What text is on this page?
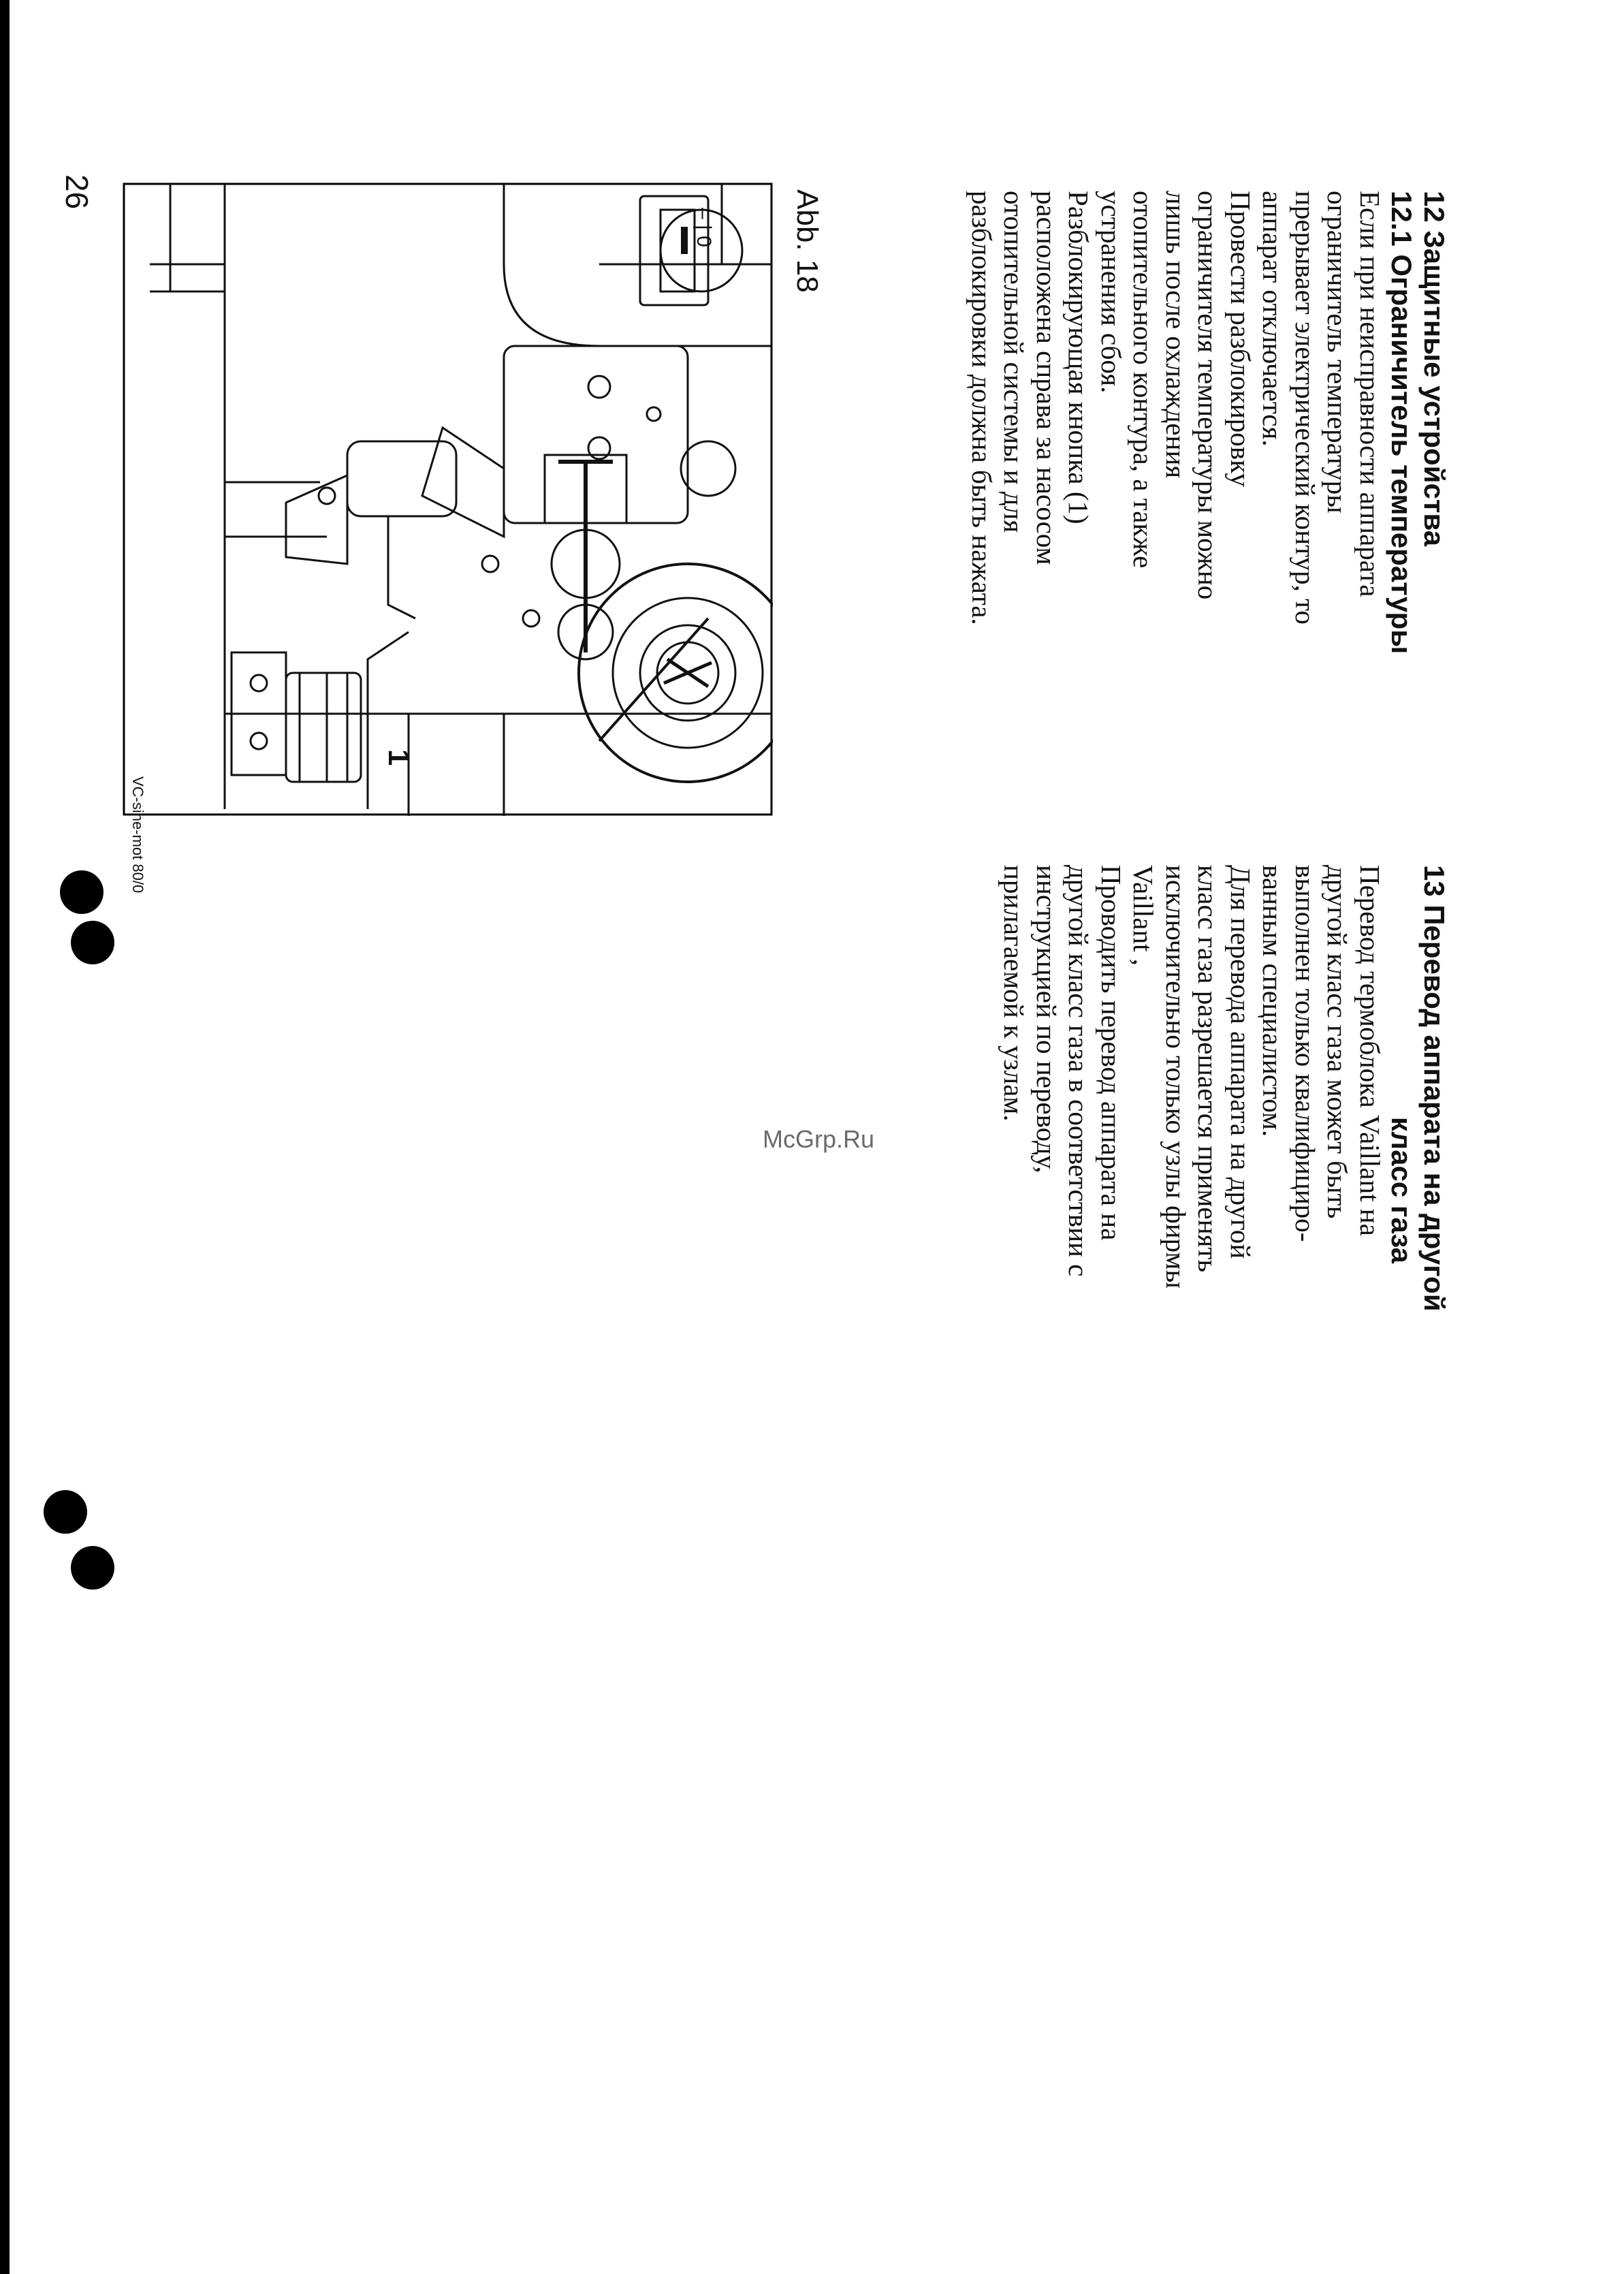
12 Защитные устройства
12.1 Ограничитель температуры
Если при неисправности аппарата
ограничитель температуры
прерывает электрический контур, то
аппарат отключается.
Провести разблокировку
ограничителя температуры можно
лишь после охлаждения
отопительного контура, а также
устранения сбоя.
Разблокирующая кнопка (1)
расположена справа за насосом
отопительной системы и для
разблокировки должна быть нажата.
13 Перевод аппарата на другой
класс газа
Перевод термоблока Vaillant на
другой класс газа может быть
выполнен только квалифициро-
ванным специалистом.
Для перевода аппарата на другой
класс газа разрешается применять
исключительно только узлы фирмы
Vaillant ,
Проводить перевод аппарата на
другой класс газа в соответствии с
инструкцией по переводу,
прилагаемой к узлам.
Abb. 18
26
– | 0
1
VC-sine-mot 80/0
McGrp.Ru
